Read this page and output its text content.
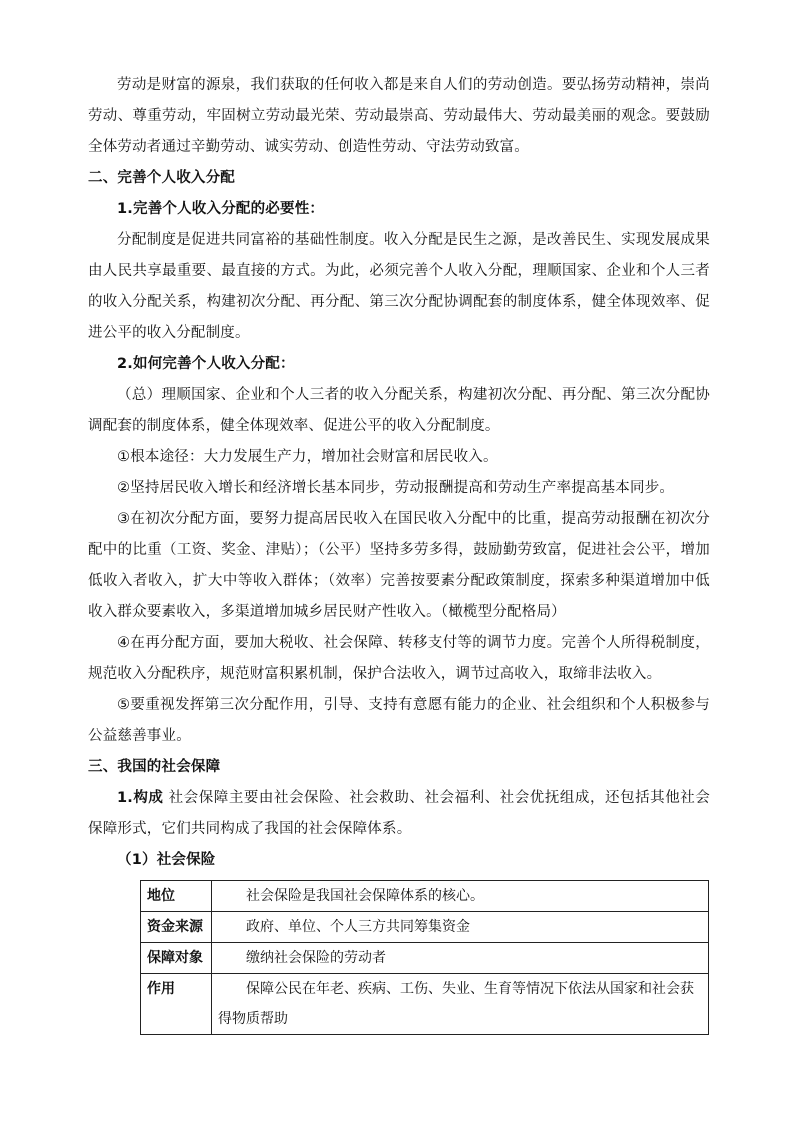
劳动是财富的源泉，我们获取的任何收入都是来自人们的劳动创造。要弘扬劳动精神，崇尚劳动、尊重劳动，牢固树立劳动最光荣、劳动最崇高、劳动最伟大、劳动最美丽的观念。要鼓励全体劳动者通过辛勤劳动、诚实劳动、创造性劳动、守法劳动致富。

二、完善个人收入分配

1.完善个人收入分配的必要性：

分配制度是促进共同富裕的基础性制度。收入分配是民生之源，是改善民生、实现发展成果由人民共享最重要、最直接的方式。为此，必须完善个人收入分配，理顺国家、企业和个人三者的收入分配关系，构建初次分配、再分配、第三次分配协调配套的制度体系，健全体现效率、促进公平的收入分配制度。

2.如何完善个人收入分配：

（总）理顺国家、企业和个人三者的收入分配关系，构建初次分配、再分配、第三次分配协调配套的制度体系，健全体现效率、促进公平的收入分配制度。

①根本途径：大力发展生产力，增加社会财富和居民收入。

②坚持居民收入增长和经济增长基本同步，劳动报酬提高和劳动生产率提高基本同步。

③在初次分配方面，要努力提高居民收入在国民收入分配中的比重，提高劳动报酬在初次分配中的比重（工资、奖金、津贴）；（公平）坚持多劳多得，鼓励勤劳致富，促进社会公平，增加低收入者收入，扩大中等收入群体；（效率）完善按要素分配政策制度，探索多种渠道增加中低收入群众要素收入，多渠道增加城乡居民财产性收入。（橄榄型分配格局）

④在再分配方面，要加大税收、社会保障、转移支付等的调节力度。完善个人所得税制度，规范收入分配秩序，规范财富积累机制，保护合法收入，调节过高收入，取缔非法收入。

⑤要重视发挥第三次分配作用，引导、支持有意愿有能力的企业、社会组织和个人积极参与公益慈善事业。

三、我国的社会保障

1.构成 社会保障主要由社会保险、社会救助、社会福利、社会优抚组成，还包括其他社会保障形式，它们共同构成了我国的社会保障体系。

（1）社会保险

地位	社会保险是我国社会保障体系的核心。
资金来源	政府、单位、个人三方共同筹集资金
保障对象	缴纳社会保险的劳动者
作用	保障公民在年老、疾病、工伤、失业、生育等情况下依法从国家和社会获得物质帮助
